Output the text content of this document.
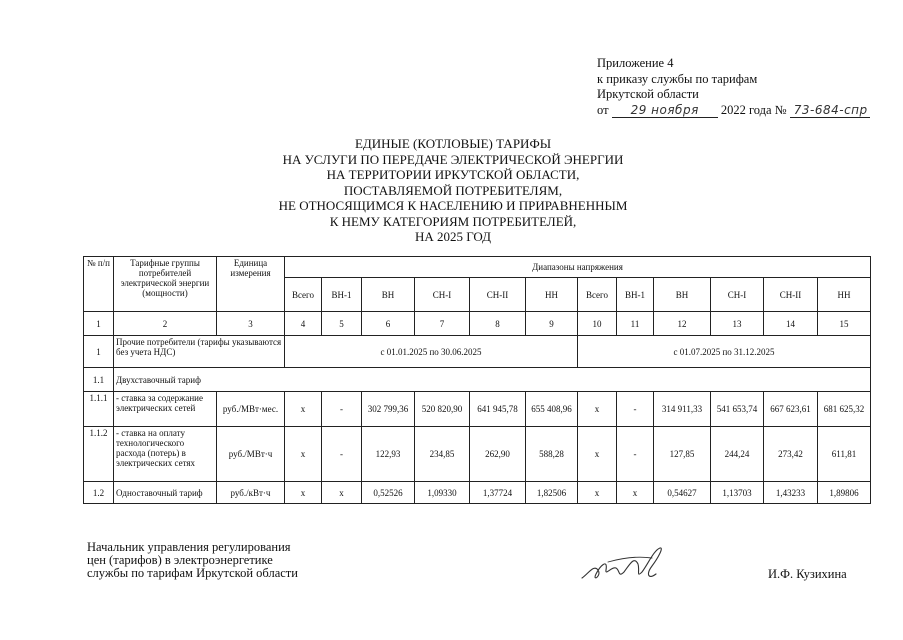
Приложение 4
к приказу службы по тарифам
Иркутской области
от 29 ноября 2022 года № 73-684-спр
ЕДИНЫЕ (КОТЛОВЫЕ) ТАРИФЫ
НА УСЛУГИ ПО ПЕРЕДАЧЕ ЭЛЕКТРИЧЕСКОЙ ЭНЕРГИИ
НА ТЕРРИТОРИИ ИРКУТСКОЙ ОБЛАСТИ,
ПОСТАВЛЯЕМОЙ ПОТРЕБИТЕЛЯМ,
НЕ ОТНОСЯЩИМСЯ К НАСЕЛЕНИЮ И ПРИРАВНЕННЫМ
К НЕМУ КАТЕГОРИЯМ ПОТРЕБИТЕЛЕЙ,
НА 2025 ГОД
№ п/п	Тарифные группы потребителей электрической энергии (мощности)	Единица измерения	Диапазоны напряжения											
			Всего	ВН-1	ВН	СН-I	СН-II	НН	Всего	ВН-1	ВН	СН-I	СН-II	НН
1	2	3	4	5	6	7	8	9	10	11	12	13	14	15
1	Прочие потребители (тарифы указываются без учета НДС)		с 01.01.2025 по 30.06.2025						с 01.07.2025 по 31.12.2025					
1.1	Двухставочный тариф													
1.1.1	- ставка за содержание электрических сетей	руб./МВт·мес.	х	-	302 799,36	520 820,90	641 945,78	655 408,96	х	-	314 911,33	541 653,74	667 623,61	681 625,32
1.1.2	- ставка на оплату технологического расхода (потерь) в электрических сетях	руб./МВт·ч	х	-	122,93	234,85	262,90	588,28	х	-	127,85	244,24	273,42	611,81
1.2	Одноставочный тариф	руб./кВт·ч	х	х	0,52526	1,09330	1,37724	1,82506	х	х	0,54627	1,13703	1,43233	1,89806
Начальник управления регулирования
цен (тарифов) в электроэнергетике
службы по тарифам Иркутской области	И.Ф. Кузихина
